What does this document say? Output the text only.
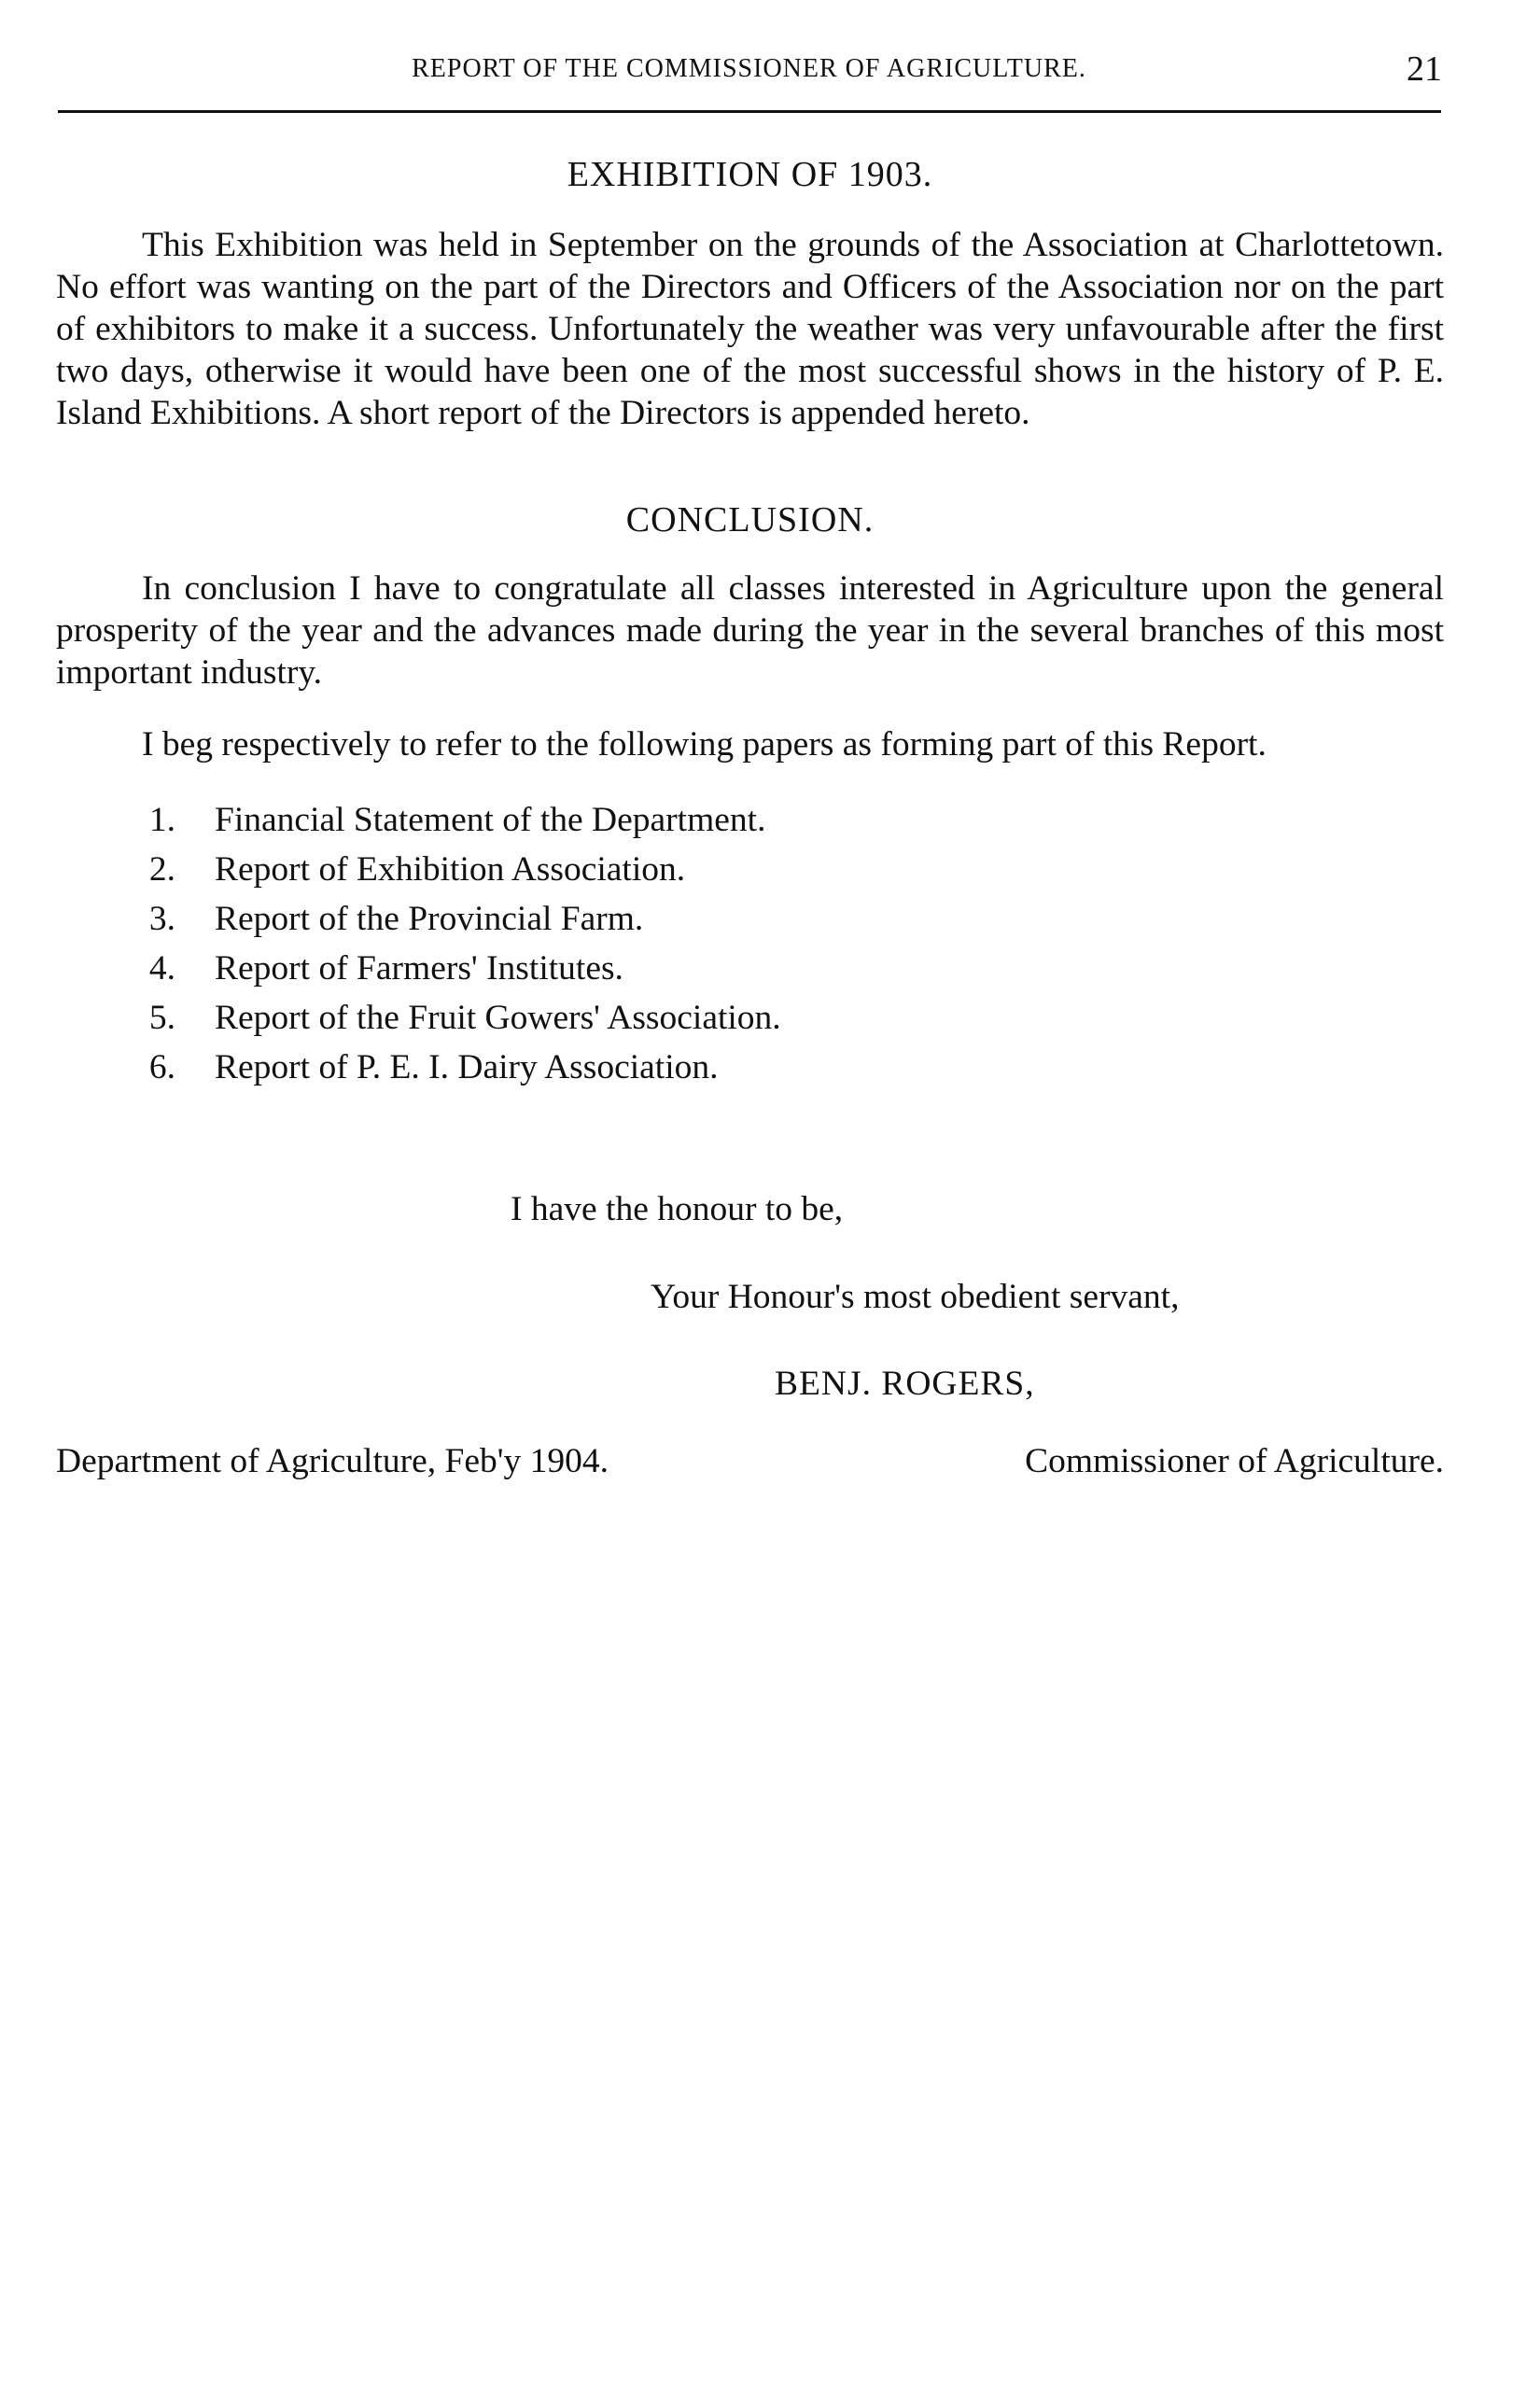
REPORT OF THE COMMISSIONER OF AGRICULTURE.	21
EXHIBITION OF 1903.

This Exhibition was held in September on the grounds of the Association at Charlottetown. No effort was wanting on the part of the Directors and Officers of the Association nor on the part of exhibitors to make it a success. Unfortunately the weather was very unfavourable after the first two days, otherwise it would have been one of the most successful shows in the history of P. E. Island Exhibitions. A short report of the Directors is appended hereto.

CONCLUSION.

In conclusion I have to congratulate all classes interested in Agriculture upon the general prosperity of the year and the advances made during the year in the several branches of this most important industry.

I beg respectively to refer to the following papers as forming part of this Report.

1.	Financial Statement of the Department.
2.	Report of Exhibition Association.
3.	Report of the Provincial Farm.
4.	Report of Farmers' Institutes.
5.	Report of the Fruit Gowers' Association.
6.	Report of P. E. I. Dairy Association.
I have the honour to be,
Your Honour's most obedient servant,
BENJ. ROGERS,
Department of Agriculture, Feb'y 1904.	Commissioner of Agriculture.
